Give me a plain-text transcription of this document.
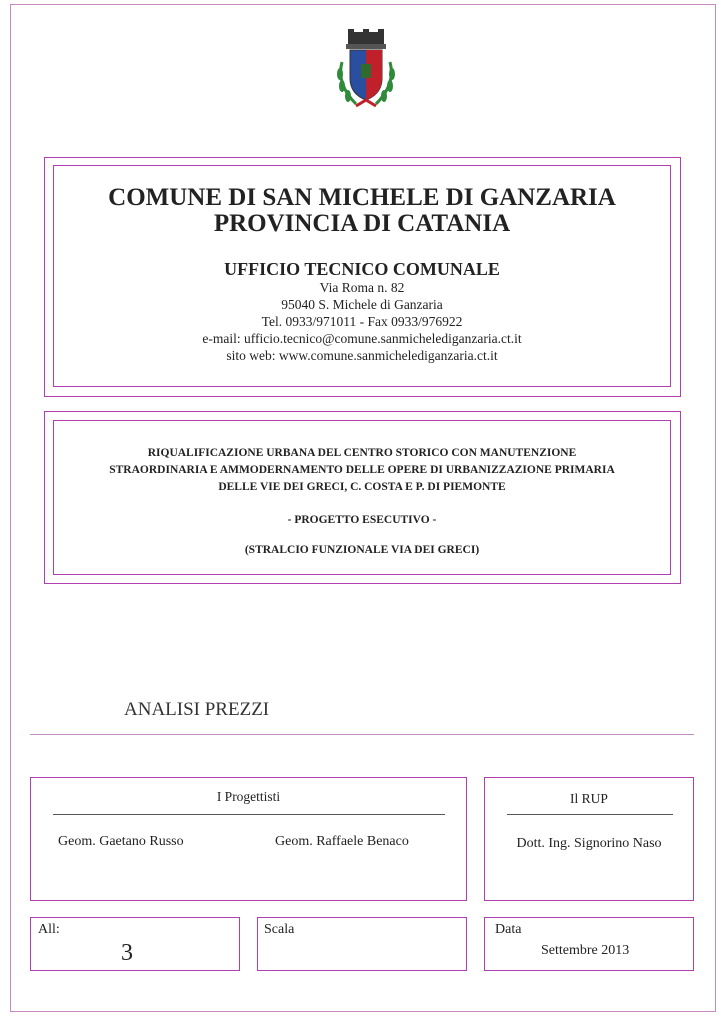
COMUNE DI SAN MICHELE DI GANZARIA
PROVINCIA DI CATANIA
UFFICIO TECNICO COMUNALE
Via Roma n. 82
95040 S. Michele di Ganzaria
Tel. 0933/971011 - Fax 0933/976922
e-mail: ufficio.tecnico@comune.sanmichelediganzaria.ct.it
sito web: www.comune.sanmichelediganzaria.ct.it
RIQUALIFICAZIONE URBANA DEL CENTRO STORICO CON MANUTENZIONE
STRAORDINARIA E AMMODERNAMENTO DELLE OPERE DI URBANIZZAZIONE PRIMARIA
DELLE VIE DEI GRECI, C. COSTA E P. DI PIEMONTE
- PROGETTO ESECUTIVO -
(STRALCIO FUNZIONALE VIA DEI GRECI)
ANALISI PREZZI
I Progettisti
Geom. Gaetano Russo	Geom. Raffaele Benaco
Il RUP
Dott. Ing. Signorino Naso
All:
3
Scala	Data
Settembre 2013
